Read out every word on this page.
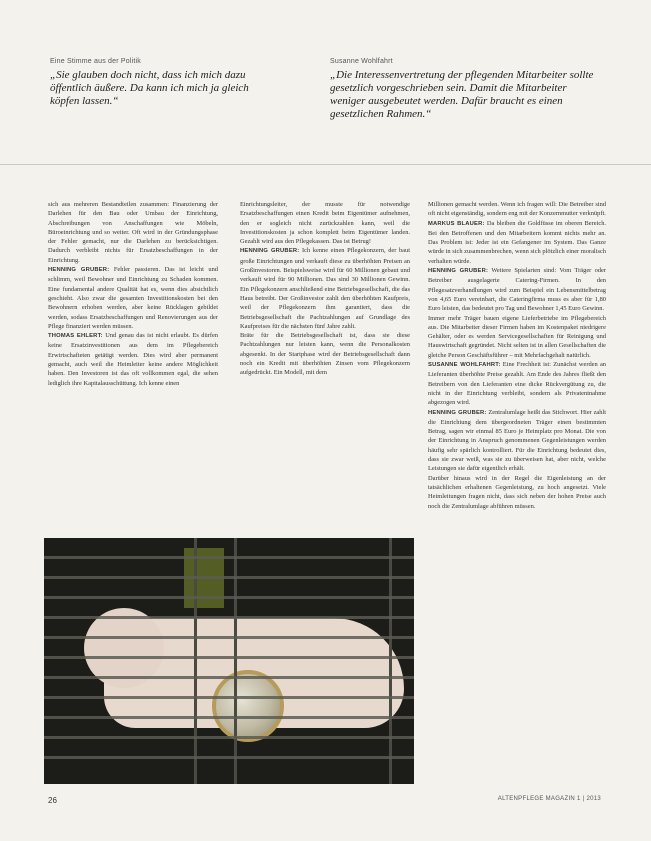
Eine Stimme aus der Politik
„Sie glauben doch nicht, dass ich mich dazu öffentlich äußere. Da kann ich mich ja gleich köpfen lassen.“
Susanne Wohlfahrt
„Die Interessenvertretung der pflegenden Mitarbeiter sollte gesetzlich vorgeschrieben sein. Damit die Mitarbeiter weniger ausgebeutet werden. Dafür braucht es einen gesetzlichen Rahmen.“

sich aus mehreren Bestandteilen zusammen: Finanzierung der Darlehen für den Bau oder Umbau der Einrichtung, Abschreibungen von Anschaffungen wie Möbeln, Büroeinrichtung und so weiter. Oft wird in der Gründungsphase der Fehler gemacht, nur die Darlehen zu berücksichtigen. Dadurch verbleibt nichts für Ersatzbeschaffungen in der Einrichtung.

HENNING GRUBER: Fehler passieren. Das ist leicht und schlimm, weil Bewohner und Einrichtung zu Schaden kommen. Eine fundamental andere Qualität hat es, wenn dies absichtlich geschieht. Also zwar die gesamten Investitionskosten bei den Bewohnern erhoben werden, aber keine Rücklagen gebildet werden, sodass Ersatzbeschaffungen und Renovierungen aus der Pflege finanziert werden müssen.

THOMAS EHLERT: Und genau das ist nicht erlaubt. Es dürfen keine Ersatzinvestitionen aus dem im Pflegebereich Erwirtschafteten getätigt werden. Dies wird aber permanent gemacht, auch weil die Heimleiter keine andere Möglichkeit haben. Den Investoren ist das oft vollkommen egal, die sehen lediglich ihre Kapitalausschüttung. Ich kenne einen

Einrichtungsleiter, der musste für notwendige Ersatzbeschaffungen einen Kredit beim Eigentümer aufnehmen, den er sogleich nicht zurückzahlen kann, weil die Investitionskosten ja schon komplett beim Eigentümer landen. Gezahlt wird aus den Pflegekassen. Das ist Betrug!

HENNING GRUBER: Ich kenne einen Pflegekonzern, der baut große Einrichtungen und verkauft diese zu überhöhten Preisen an Großinvestoren. Beispielsweise wird für 60 Millionen gebaut und verkauft wird für 90 Millionen. Das sind 30 Millionen Gewinn. Ein Pflegekonzern anschließend eine Betriebsgesellschaft, die das Haus betreibt. Der Großinvestor zahlt den überhöhten Kaufpreis, weil der Pflegekonzern ihm garantiert, dass die Betriebsgesellschaft die Pachtzahlungen auf Grundlage des Kaufpreises für die nächsten fünf Jahre zahlt.

Bräte für die Betriebsgesellschaft ist, dass sie diese Pachtzahlungen nur leisten kann, wenn die Personalkosten abgesenkt. In der Startphase wird der Betriebsgesellschaft dann noch ein Kredit mit überhöhten Zinsen vom Pflegekonzern aufgedrückt. Ein Modell, mit dem

Millionen gemacht werden. Wenn ich fragen will: Die Betreiber sind oft nicht eigenständig, sondern eng mit der Konzernmutter verknüpft.

MARKUS BLAUER: Da bleiben die Goldfüsse im oberen Bereich. Bei den Betroffenen und den Mitarbeitern kommt nichts mehr an. Das Problem ist: Jeder ist ein Gefangener im System. Das Ganze würde in sich zusammenbrechen, wenn sich plötzlich einer moralisch verhalten würde.

HENNING GRUBER: Weitere Spielarten sind: Vom Träger oder Betreiber ausgelagerte Catering-Firmen. In den Pflegesatzverhandlungen wird zum Beispiel ein Lebensmittelbetrag von 4,65 Euro vereinbart, die Cateringfirma muss es aber für 1,80 Euro leisten, das bedeutet pro Tag und Bewohner 1,45 Euro Gewinn.

Immer mehr Träger bauen eigene Lieferbetriebe im Pflegebereich aus. Die Mitarbeiter dieser Firmen haben im Kostenpaket niedrigere Gehälter, oder es werden Servicegesellschaften für Reinigung und Hauswirtschaft gegründet. Nicht selten ist in allen Gesellschaften die gleiche Person Geschäftsführer – mit Mehrfachgehalt natürlich.

SUSANNE WOHLFAHRT: Eine Frechheit ist: Zunächst werden an Lieferanten überhöhte Preise gezahlt. Am Ende des Jahres fließt den Betreibern von den Lieferanten eine dicke Rückvergütung zu, die nicht in der Einrichtung verbleibt, sondern als Privatentnahme abgezogen wird.

HENNING GRUBER: Zentralumlage heißt das Stichwort. Hier zahlt die Einrichtung dem übergeordneten Träger einen bestimmten Betrag, sagen wir einmal 85 Euro je Heimplatz pro Monat. Die von der Einrichtung in Anspruch genommenen Gegenleistungen werden häufig sehr spärlich kontrolliert. Für die Einrichtung bedeutet dies, dass sie zwar weiß, was sie zu überweisen hat, aber nicht, welche Leistungen sie dafür eigentlich erhält.

Darüber hinaus wird in der Regel die Eigenleistung an der tatsächlichen erhaltenen Gegenleistung, zu hoch angesetzt. Viele Heimleitungen fragen nicht, dass sich neben der hohen Preise auch noch die Zentralumlage abführen müssen.

26	ALTENPFLEGE MAGAZIN 1 | 2013
